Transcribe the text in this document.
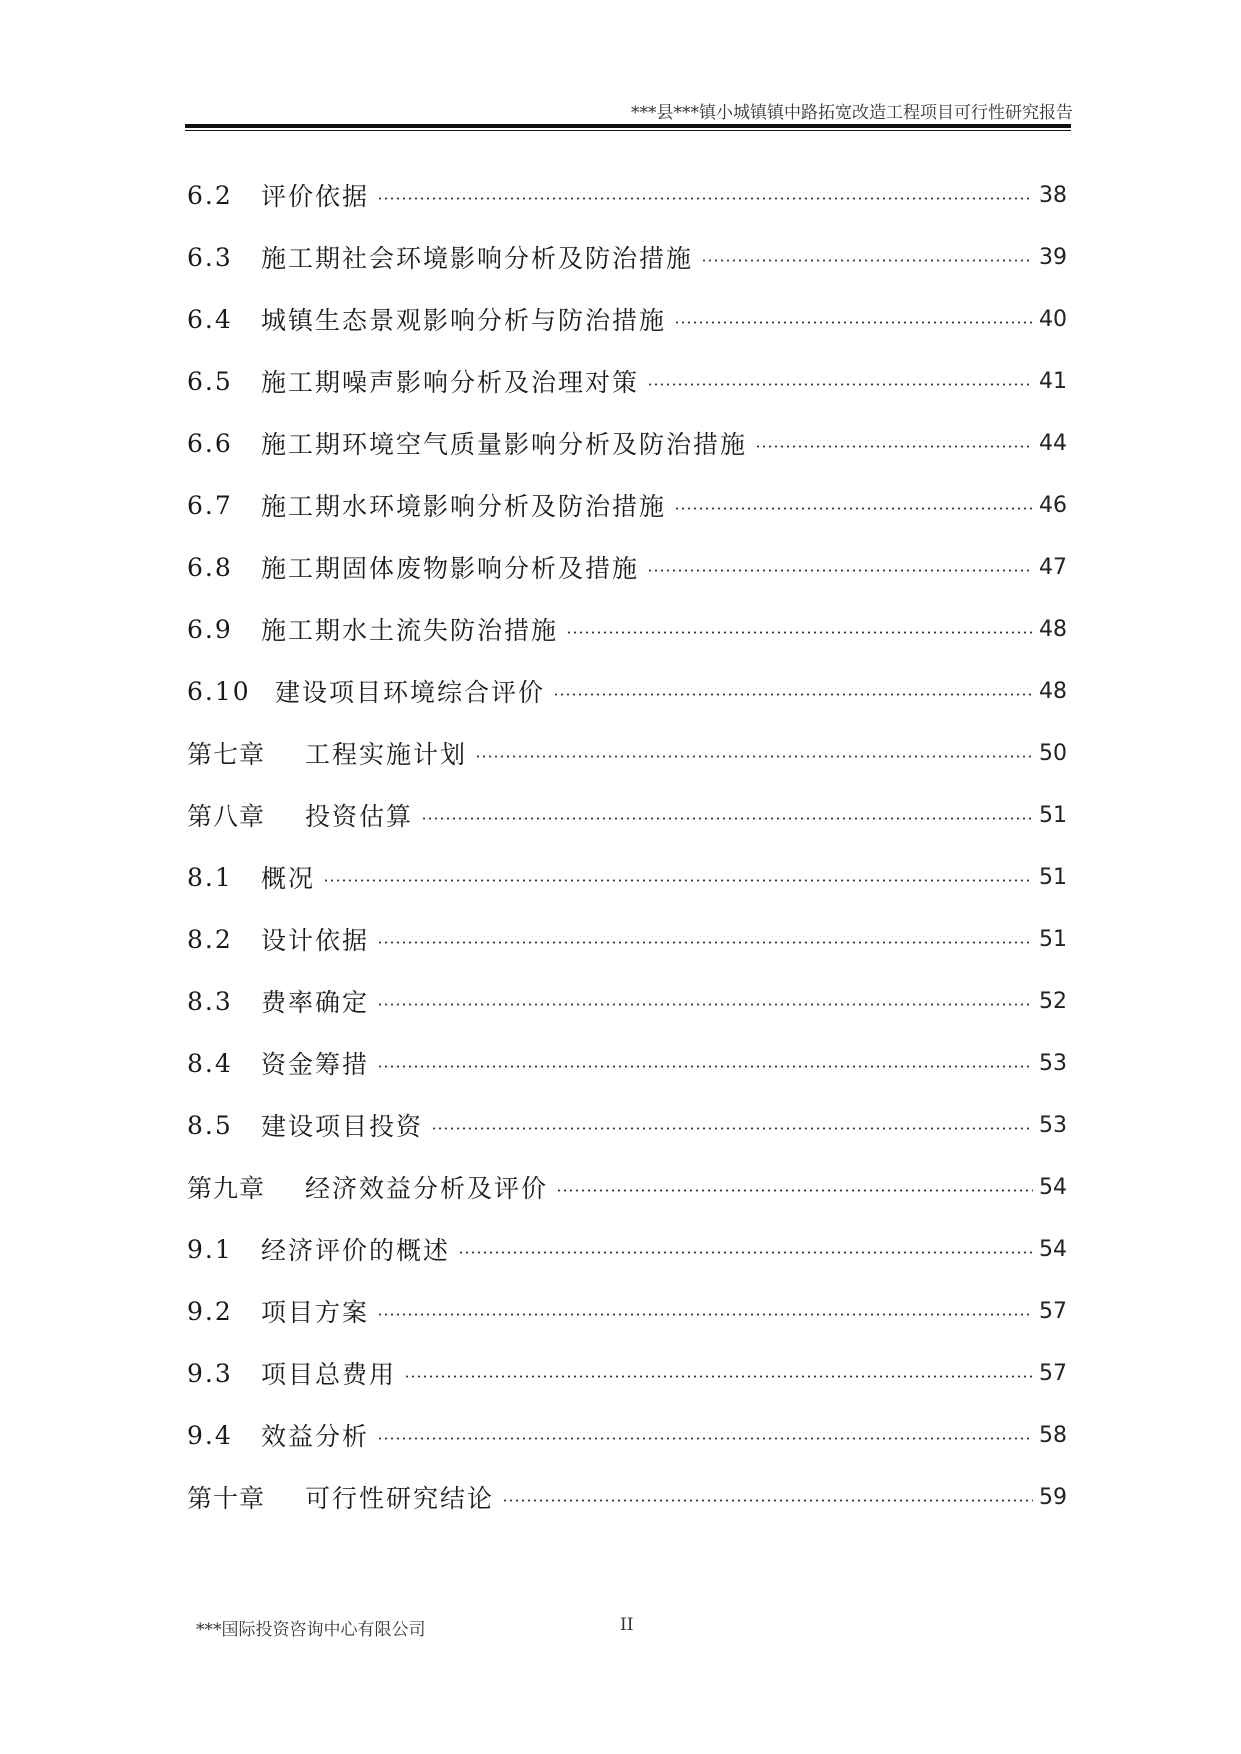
***县***镇小城镇镇中路拓宽改造工程项目可行性研究报告
6.2	评价依据	38
6.3	施工期社会环境影响分析及防治措施	39
6.4	城镇生态景观影响分析与防治措施	40
6.5	施工期噪声影响分析及治理对策	41
6.6	施工期环境空气质量影响分析及防治措施	44
6.7	施工期水环境影响分析及防治措施	46
6.8	施工期固体废物影响分析及措施	47
6.9	施工期水土流失防治措施	48
6.10 建设项目环境综合评价	48
第七章	工程实施计划	50
第八章	投资估算	51
8.1	概况	51
8.2	设计依据	51
8.3	费率确定	52
8.4	资金筹措	53
8.5	建设项目投资	53
第九章	经济效益分析及评价	54
9.1	经济评价的概述	54
9.2	项目方案	57
9.3	项目总费用	57
9.4	效益分析	58
第十章	可行性研究结论	59
***国际投资咨询中心有限公司	II
